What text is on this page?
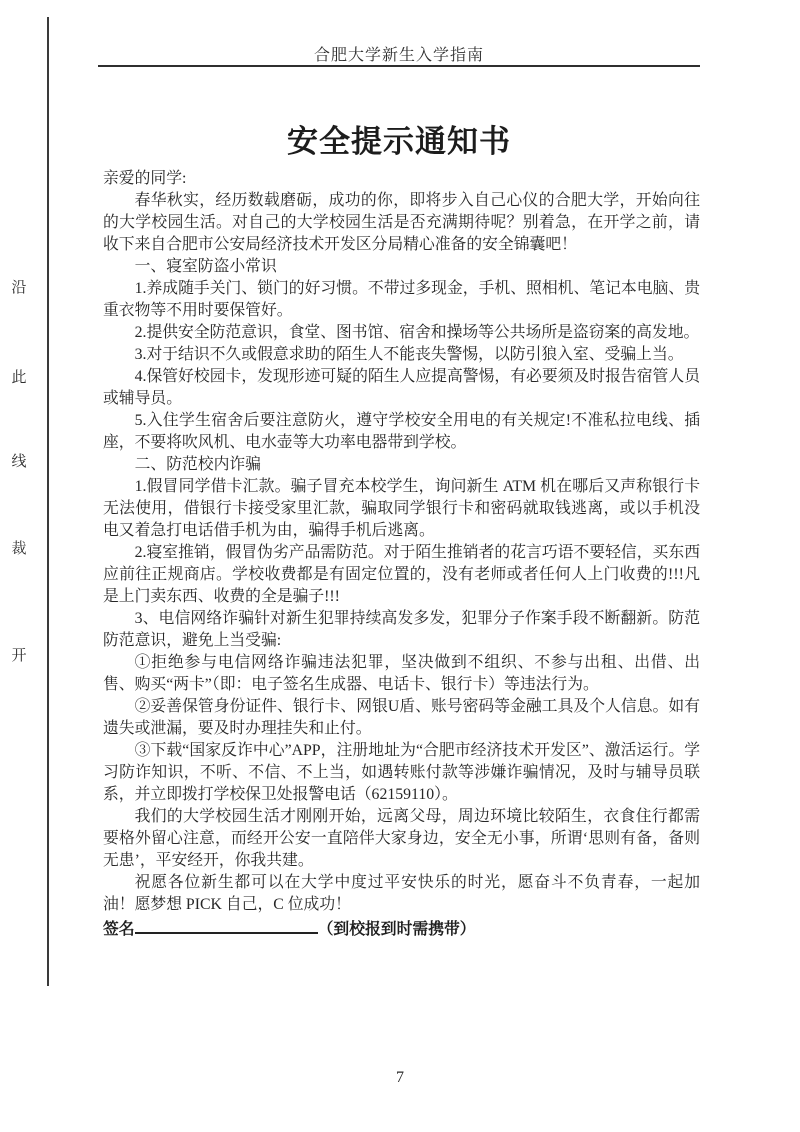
沿
此
线
裁
开
合肥大学新生入学指南
安全提示通知书

亲爱的同学:

春华秋实，经历数载磨砺，成功的你，即将步入自己心仪的合肥大学，开始向往的大学校园生活。对自己的大学校园生活是否充满期待呢？别着急，在开学之前，请收下来自合肥市公安局经济技术开发区分局精心准备的安全锦囊吧！

一、寝室防盗小常识

1.养成随手关门、锁门的好习惯。不带过多现金，手机、照相机、笔记本电脑、贵重衣物等不用时要保管好。

2.提供安全防范意识，食堂、图书馆、宿舍和操场等公共场所是盗窃案的高发地。

3.对于结识不久或假意求助的陌生人不能丧失警惕，以防引狼入室、受骗上当。

4.保管好校园卡，发现形迹可疑的陌生人应提高警惕，有必要须及时报告宿管人员或辅导员。

5.入住学生宿舍后要注意防火，遵守学校安全用电的有关规定!不准私拉电线、插座，不要将吹风机、电水壶等大功率电器带到学校。

二、防范校内诈骗

1.假冒同学借卡汇款。骗子冒充本校学生，询问新生 ATM 机在哪后又声称银行卡无法使用，借银行卡接受家里汇款，骗取同学银行卡和密码就取钱逃离，或以手机没电又着急打电话借手机为由，骗得手机后逃离。

2.寝室推销，假冒伪劣产品需防范。对于陌生推销者的花言巧语不要轻信，买东西应前往正规商店。学校收费都是有固定位置的，没有老师或者任何人上门收费的!!!凡是上门卖东西、收费的全是骗子!!!

3、电信网络诈骗针对新生犯罪持续高发多发，犯罪分子作案手段不断翻新。防范防范意识，避免上当受骗:

①拒绝参与电信网络诈骗违法犯罪，坚决做到不组织、不参与出租、出借、出售、购买“两卡”（即：电子签名生成器、电话卡、银行卡）等违法行为。

②妥善保管身份证件、银行卡、网银U盾、账号密码等金融工具及个人信息。如有遗失或泄漏，要及时办理挂失和止付。

③下载“国家反诈中心”APP，注册地址为“合肥市经济技术开发区”、激活运行。学习防诈知识，不听、不信、不上当，如遇转账付款等涉嫌诈骗情况，及时与辅导员联系，并立即拨打学校保卫处报警电话（62159110）。

我们的大学校园生活才刚刚开始，远离父母，周边环境比较陌生，衣食住行都需要格外留心注意，而经开公安一直陪伴大家身边，安全无小事，所谓‘思则有备，备则无患’，平安经开，你我共建。

祝愿各位新生都可以在大学中度过平安快乐的时光，愿奋斗不负青春，一起加油！愿梦想 PICK 自己，C 位成功！

签名	（到校报到时需携带）

7
